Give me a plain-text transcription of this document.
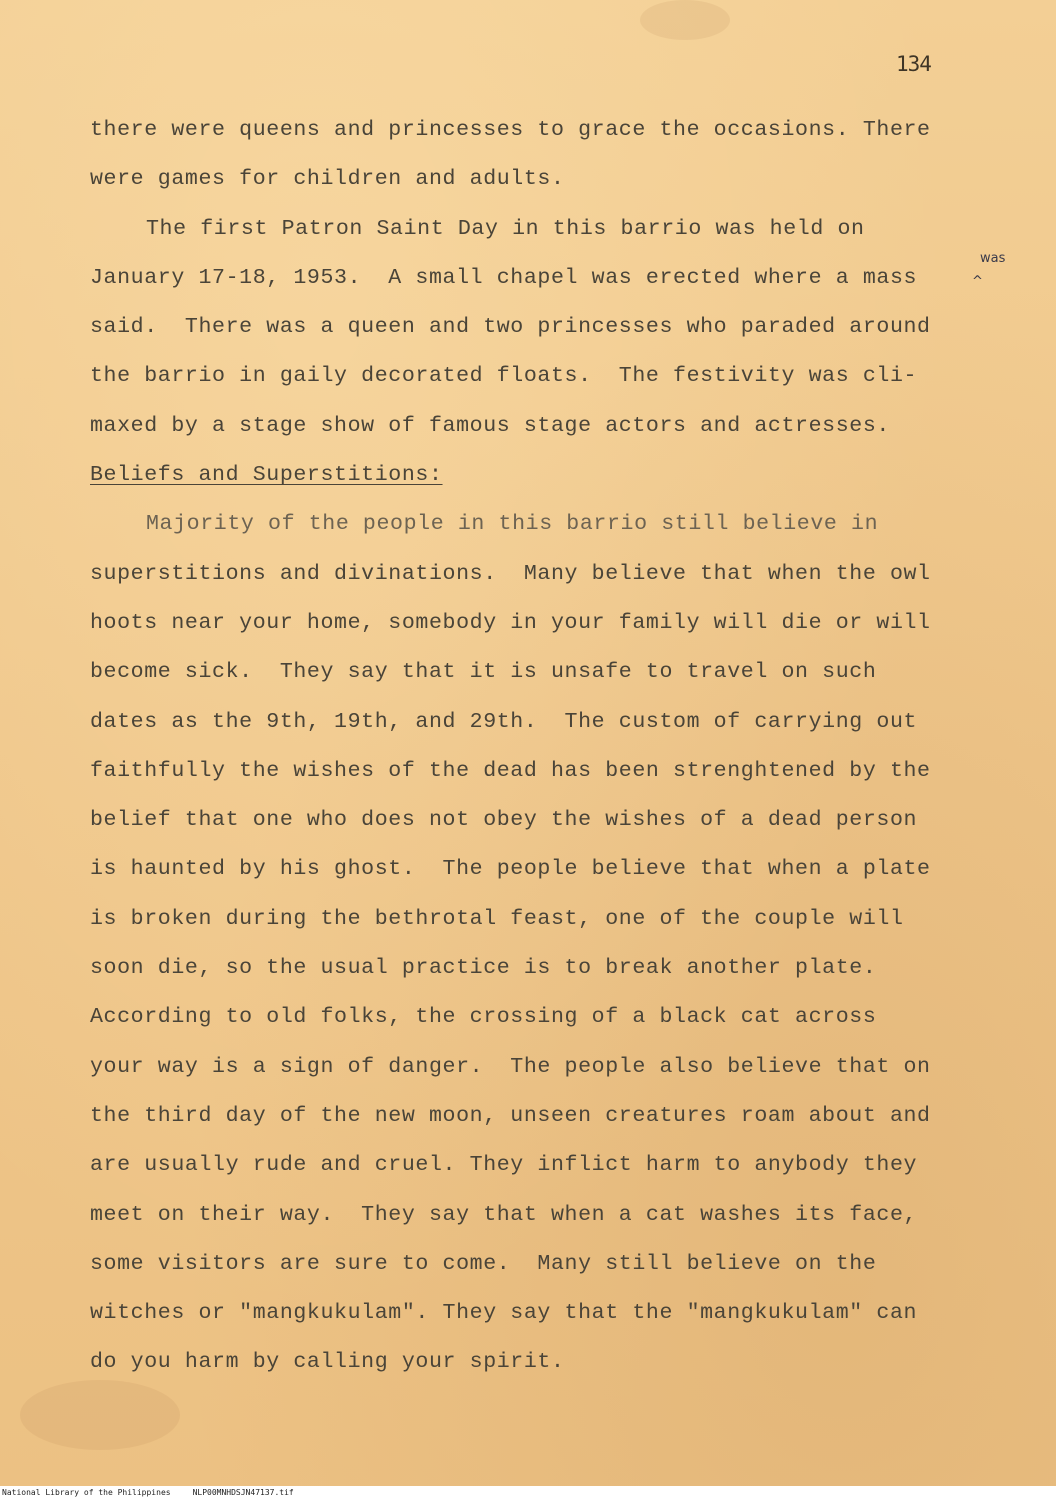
134
there were queens and princesses to grace the occasions. There
were games for children and adults.
The first Patron Saint Day in this barrio was held on
January 17-18, 1953.  A small chapel was erected where a mass
said.  There was a queen and two princesses who paraded around
the barrio in gaily decorated floats.  The festivity was cli-
maxed by a stage show of famous stage actors and actresses.
Beliefs and Superstitions:
Majority of the people in this barrio still believe in
superstitions and divinations.  Many believe that when the owl
hoots near your home, somebody in your family will die or will
become sick.  They say that it is unsafe to travel on such
dates as the 9th, 19th, and 29th.  The custom of carrying out
faithfully the wishes of the dead has been strenghtened by the
belief that one who does not obey the wishes of a dead person
is haunted by his ghost.  The people believe that when a plate
is broken during the bethrotal feast, one of the couple will
soon die, so the usual practice is to break another plate.
According to old folks, the crossing of a black cat across
your way is a sign of danger.  The people also believe that on
the third day of the new moon, unseen creatures roam about and
are usually rude and cruel. They inflict harm to anybody they
meet on their way.  They say that when a cat washes its face,
some visitors are sure to come.  Many still believe on the
witches or "mangkukulam". They say that the "mangkukulam" can
do you harm by calling your spirit.
was
^
National Library of the Philippines	NLP00MNHDSJN47137.tif
